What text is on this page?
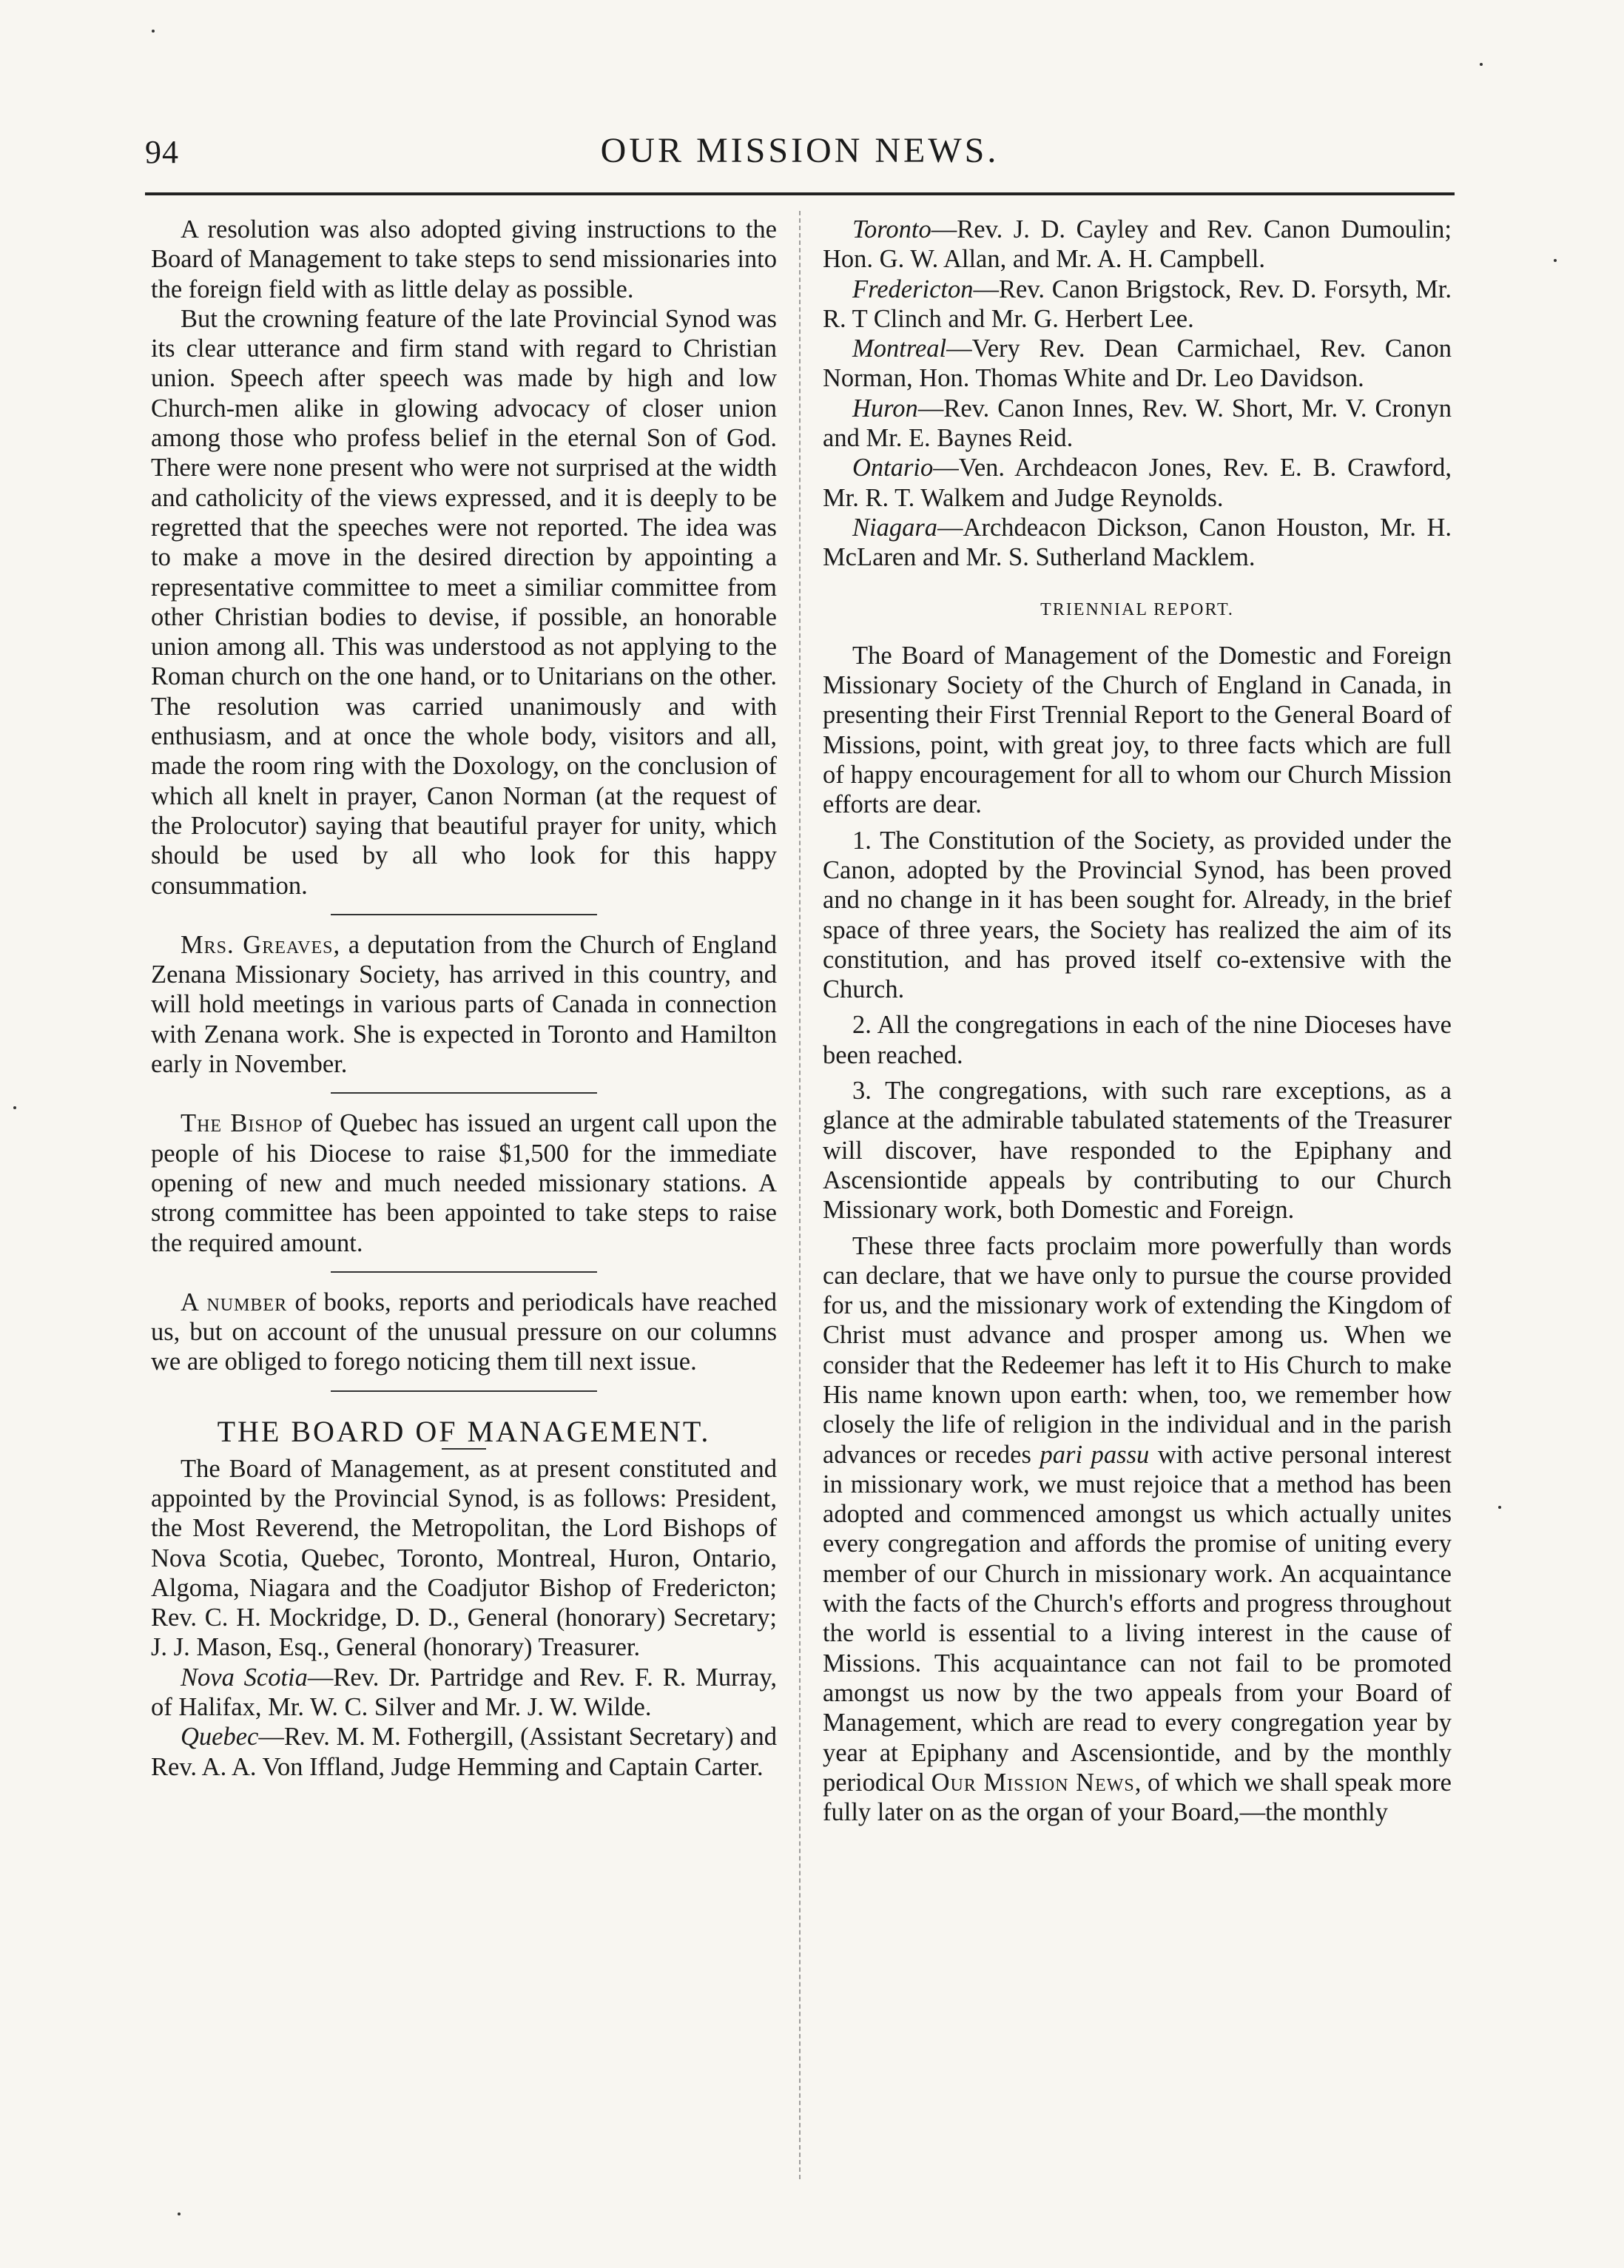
94	OUR MISSION NEWS.

A resolution was also adopted giving instructions to the Board of Management to take steps to send missionaries into the foreign field with as little delay as possible.

But the crowning feature of the late Provincial Synod was its clear utterance and firm stand with regard to Christian union. Speech after speech was made by high and low Church-men alike in glowing advocacy of closer union among those who profess belief in the eternal Son of God. There were none present who were not surprised at the width and catholicity of the views expressed, and it is deeply to be regretted that the speeches were not reported. The idea was to make a move in the desired direction by appointing a representative committee to meet a similiar committee from other Christian bodies to devise, if possible, an honorable union among all. This was understood as not applying to the Roman church on the one hand, or to Unitarians on the other. The resolution was carried unanimously and with enthusiasm, and at once the whole body, visitors and all, made the room ring with the Doxology, on the conclusion of which all knelt in prayer, Canon Norman (at the request of the Prolocutor) saying that beautiful prayer for unity, which should be used by all who look for this happy consummation.

Mrs. Greaves, a deputation from the Church of England Zenana Missionary Society, has arrived in this country, and will hold meetings in various parts of Canada in connection with Zenana work. She is expected in Toronto and Hamilton early in November.

The Bishop of Quebec has issued an urgent call upon the people of his Diocese to raise $1,500 for the immediate opening of new and much needed missionary stations. A strong committee has been appointed to take steps to raise the required amount.

A number of books, reports and periodicals have reached us, but on account of the unusual pressure on our columns we are obliged to forego noticing them till next issue.

THE BOARD OF MANAGEMENT.

The Board of Management, as at present constituted and appointed by the Provincial Synod, is as follows: President, the Most Reverend, the Metropolitan, the Lord Bishops of Nova Scotia, Quebec, Toronto, Montreal, Huron, Ontario, Algoma, Niagara and the Coadjutor Bishop of Fredericton; Rev. C. H. Mockridge, D. D., General (honorary) Secretary; J. J. Mason, Esq., General (honorary) Treasurer.

Nova Scotia—Rev. Dr. Partridge and Rev. F. R. Murray, of Halifax, Mr. W. C. Silver and Mr. J. W. Wilde.

Quebec—Rev. M. M. Fothergill, (Assistant Secretary) and Rev. A. A. Von Iffland, Judge Hemming and Captain Carter.

Toronto—Rev. J. D. Cayley and Rev. Canon Dumoulin; Hon. G. W. Allan, and Mr. A. H. Campbell.

Fredericton—Rev. Canon Brigstock, Rev. D. Forsyth, Mr. R. T Clinch and Mr. G. Herbert Lee.

Montreal—Very Rev. Dean Carmichael, Rev. Canon Norman, Hon. Thomas White and Dr. Leo Davidson.

Huron—Rev. Canon Innes, Rev. W. Short, Mr. V. Cronyn and Mr. E. Baynes Reid.

Ontario—Ven. Archdeacon Jones, Rev. E. B. Crawford, Mr. R. T. Walkem and Judge Reynolds.

Niagara—Archdeacon Dickson, Canon Houston, Mr. H. McLaren and Mr. S. Sutherland Macklem.

TRIENNIAL REPORT.

The Board of Management of the Domestic and Foreign Missionary Society of the Church of England in Canada, in presenting their First Trennial Report to the General Board of Missions, point, with great joy, to three facts which are full of happy encouragement for all to whom our Church Mission efforts are dear.

1. The Constitution of the Society, as provided under the Canon, adopted by the Provincial Synod, has been proved and no change in it has been sought for. Already, in the brief space of three years, the Society has realized the aim of its constitution, and has proved itself co-extensive with the Church.

2. All the congregations in each of the nine Dioceses have been reached.

3. The congregations, with such rare exceptions, as a glance at the admirable tabulated statements of the Treasurer will discover, have responded to the Epiphany and Ascensiontide appeals by contributing to our Church Missionary work, both Domestic and Foreign.

These three facts proclaim more powerfully than words can declare, that we have only to pursue the course provided for us, and the missionary work of extending the Kingdom of Christ must advance and prosper among us. When we consider that the Redeemer has left it to His Church to make His name known upon earth: when, too, we remember how closely the life of religion in the individual and in the parish advances or recedes pari passu with active personal interest in missionary work, we must rejoice that a method has been adopted and commenced amongst us which actually unites every congregation and affords the promise of uniting every member of our Church in missionary work. An acquaintance with the facts of the Church's efforts and progress throughout the world is essential to a living interest in the cause of Missions. This acquaintance can not fail to be promoted amongst us now by the two appeals from your Board of Management, which are read to every congregation year by year at Epiphany and Ascensiontide, and by the monthly periodical Our Mission News, of which we shall speak more fully later on as the organ of your Board,—the monthly
